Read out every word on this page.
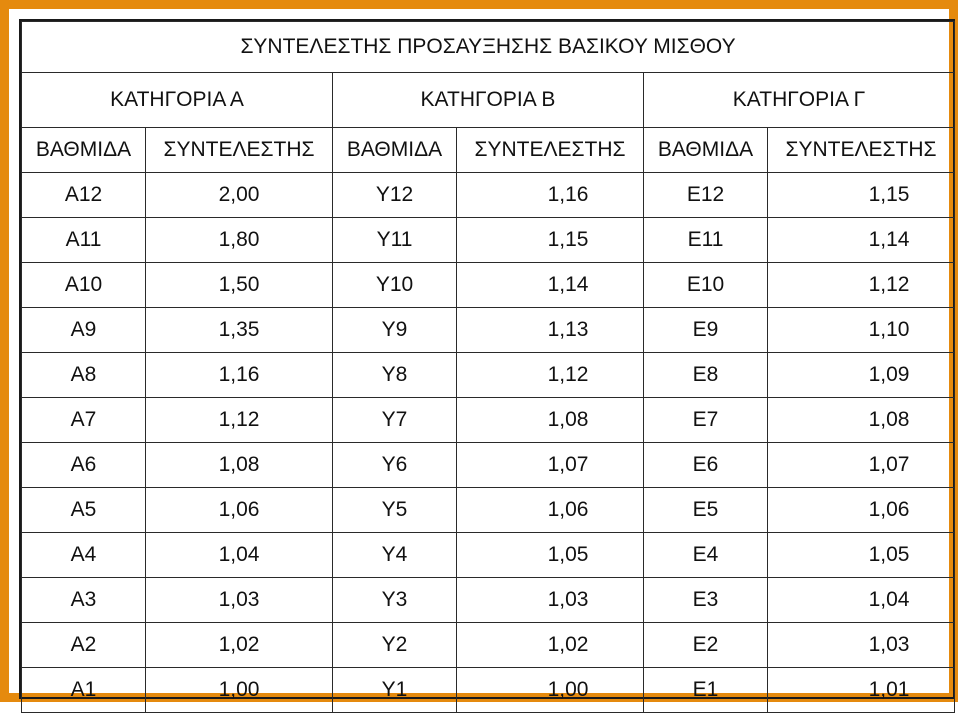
ΣΥΝΤΕΛΕΣΤΗΣ ΠΡΟΣΑΥΞΗΣΗΣ ΒΑΣΙΚΟΥ ΜΙΣΘΟΥ					
ΚΑΤΗΓΟΡΙΑ Α		ΚΑΤΗΓΟΡΙΑ Β		ΚΑΤΗΓΟΡΙΑ Γ	
ΒΑΘΜΙΔΑ	ΣΥΝΤΕΛΕΣΤΗΣ	ΒΑΘΜΙΔΑ	ΣΥΝΤΕΛΕΣΤΗΣ	ΒΑΘΜΙΔΑ	ΣΥΝΤΕΛΕΣΤΗΣ
Α12	2,00	Υ12	1,16	Ε12	1,15
Α11	1,80	Υ11	1,15	Ε11	1,14
Α10	1,50	Υ10	1,14	Ε10	1,12
Α9	1,35	Υ9	1,13	Ε9	1,10
Α8	1,16	Υ8	1,12	Ε8	1,09
Α7	1,12	Υ7	1,08	Ε7	1,08
Α6	1,08	Υ6	1,07	Ε6	1,07
Α5	1,06	Υ5	1,06	Ε5	1,06
Α4	1,04	Υ4	1,05	Ε4	1,05
Α3	1,03	Υ3	1,03	Ε3	1,04
Α2	1,02	Υ2	1,02	Ε2	1,03
Α1	1,00	Υ1	1,00	Ε1	1,01
